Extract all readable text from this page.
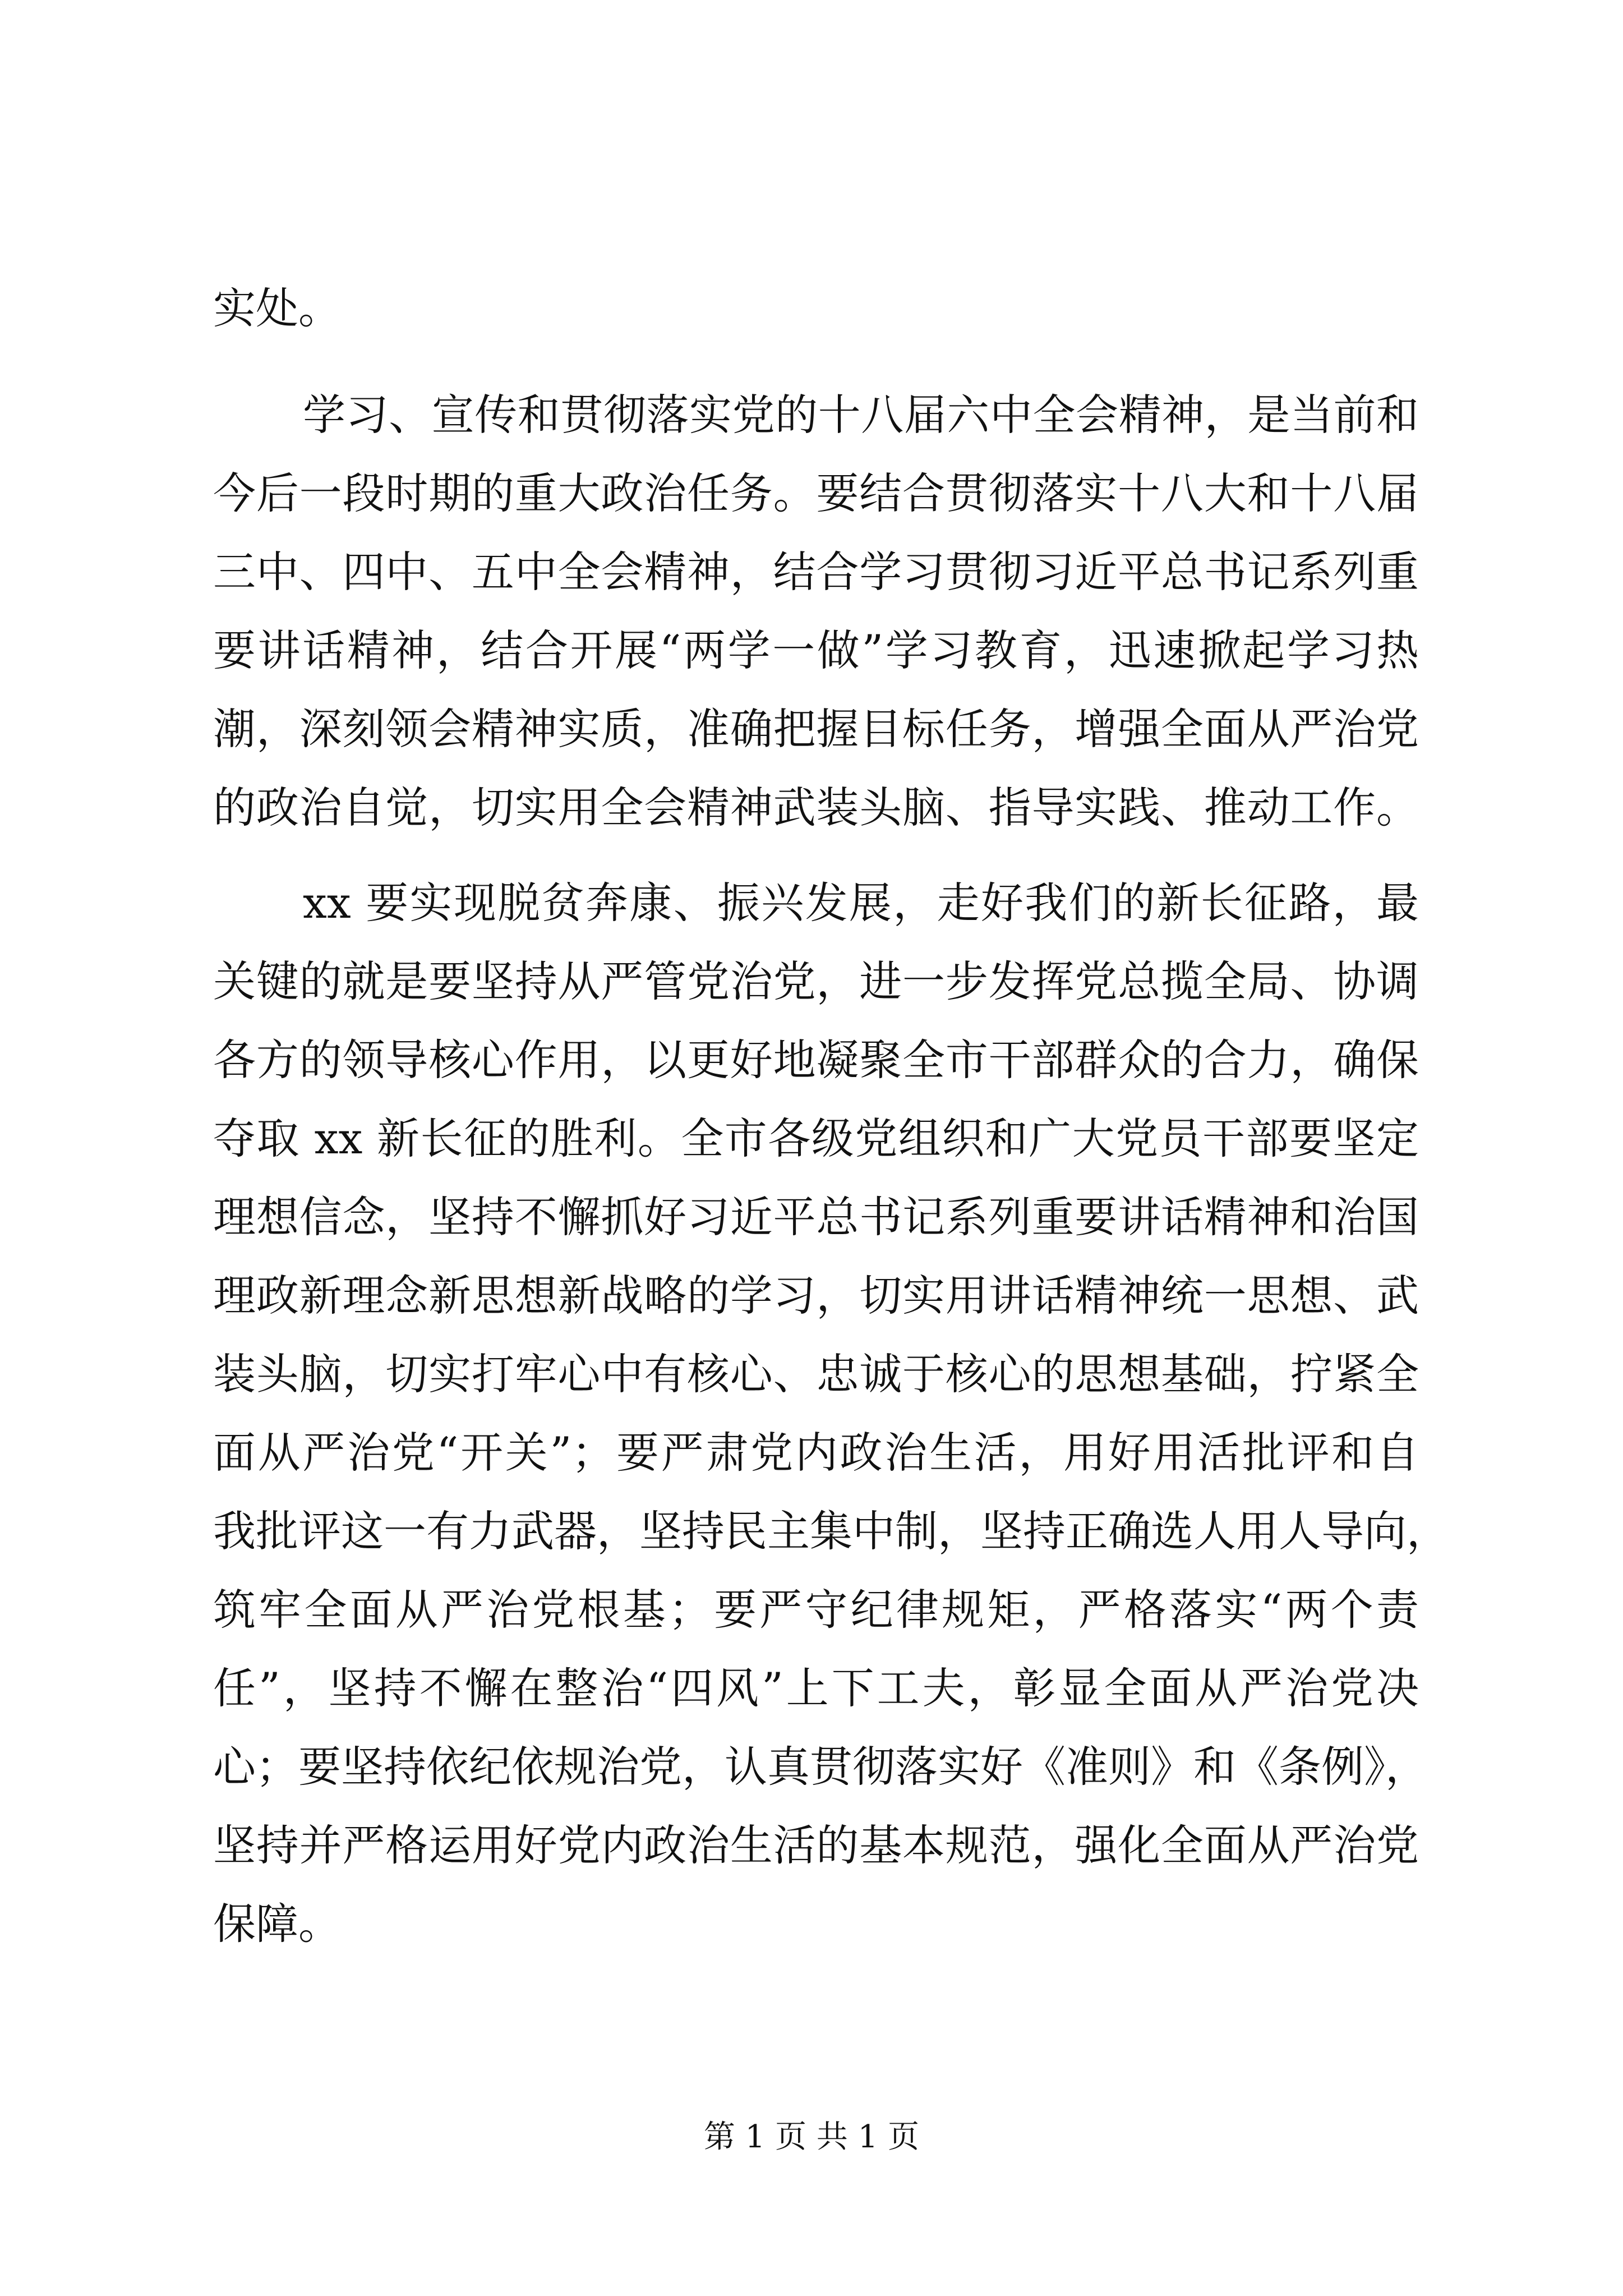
实处。
学习、宣传和贯彻落实党的十八届六中全会精神，是当前和
今后一段时期的重大政治任务。要结合贯彻落实十八大和十八届
三中、四中、五中全会精神，结合学习贯彻习近平总书记系列重
要讲话精神，结合开展“两学一做”学习教育，迅速掀起学习热
潮，深刻领会精神实质，准确把握目标任务，增强全面从严治党
的政治自觉，切实用全会精神武装头脑、指导实践、推动工作。
xx 要实现脱贫奔康、振兴发展，走好我们的新长征路，最
关键的就是要坚持从严管党治党，进一步发挥党总揽全局、协调
各方的领导核心作用，以更好地凝聚全市干部群众的合力，确保
夺取 xx 新长征的胜利。全市各级党组织和广大党员干部要坚定
理想信念，坚持不懈抓好习近平总书记系列重要讲话精神和治国
理政新理念新思想新战略的学习，切实用讲话精神统一思想、武
装头脑，切实打牢心中有核心、忠诚于核心的思想基础，拧紧全
面从严治党“开关”；要严肃党内政治生活，用好用活批评和自
我批评这一有力武器，坚持民主集中制，坚持正确选人用人导向，
筑牢全面从严治党根基；要严守纪律规矩，严格落实“两个责
任”，坚持不懈在整治“四风”上下工夫，彰显全面从严治党决
心；要坚持依纪依规治党，认真贯彻落实好《准则》和《条例》，
坚持并严格运用好党内政治生活的基本规范，强化全面从严治党
保障。
第 1 页 共 1 页
